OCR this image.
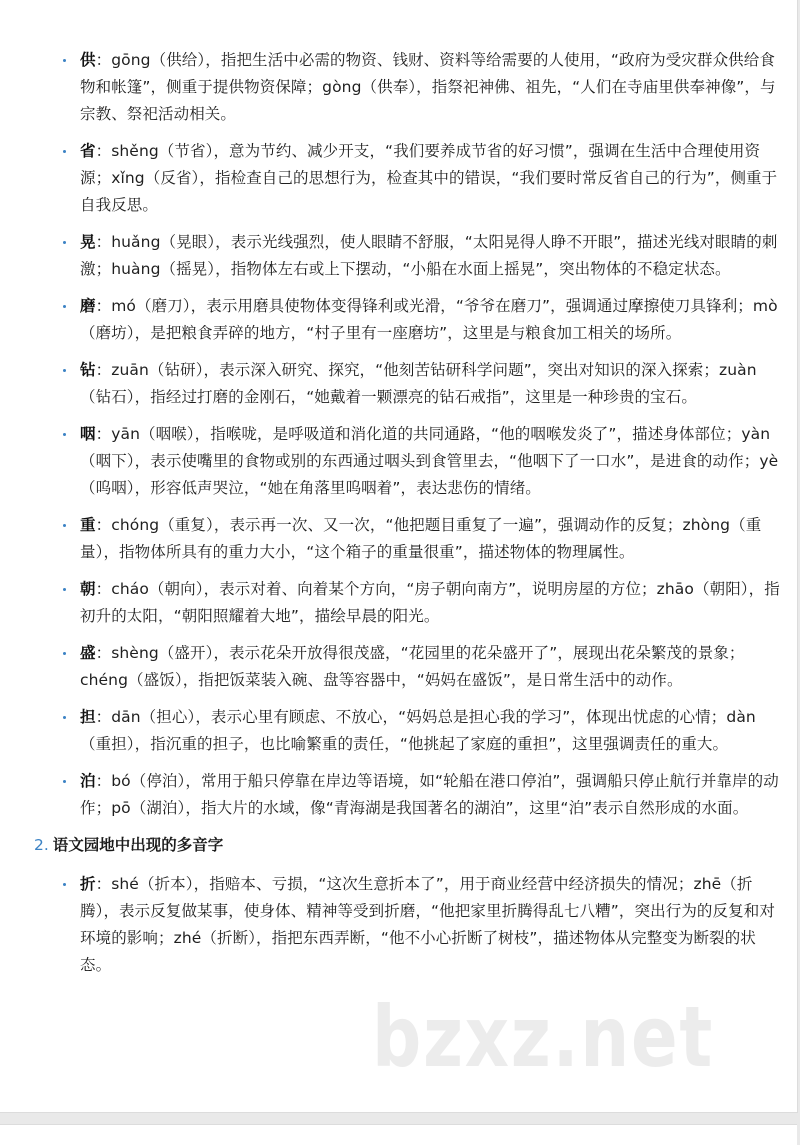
bzxz.net
供：gōng（供给），指把生活中必需的物资、钱财、资料等给需要的人使用，“政府为受灾群众供给食物和帐篷”，侧重于提供物资保障；gòng（供奉），指祭祀神佛、祖先，“人们在寺庙里供奉神像”，与宗教、祭祀活动相关。
省：shěng（节省），意为节约、减少开支，“我们要养成节省的好习惯”，强调在生活中合理使用资源；xǐng（反省），指检查自己的思想行为，检查其中的错误，“我们要时常反省自己的行为”，侧重于自我反思。
晃：huǎng（晃眼），表示光线强烈，使人眼睛不舒服，“太阳晃得人睁不开眼”，描述光线对眼睛的刺激；huàng（摇晃），指物体左右或上下摆动，“小船在水面上摇晃”，突出物体的不稳定状态。
磨：mó（磨刀），表示用磨具使物体变得锋利或光滑，“爷爷在磨刀”，强调通过摩擦使刀具锋利；mò（磨坊），是把粮食弄碎的地方，“村子里有一座磨坊”，这里是与粮食加工相关的场所。
钻：zuān（钻研），表示深入研究、探究，“他刻苦钻研科学问题”，突出对知识的深入探索；zuàn（钻石），指经过打磨的金刚石，“她戴着一颗漂亮的钻石戒指”，这里是一种珍贵的宝石。
咽：yān（咽喉），指喉咙，是呼吸道和消化道的共同通路，“他的咽喉发炎了”，描述身体部位；yàn（咽下），表示使嘴里的食物或别的东西通过咽头到食管里去，“他咽下了一口水”，是进食的动作；yè（呜咽），形容低声哭泣，“她在角落里呜咽着”，表达悲伤的情绪。
重：chóng（重复），表示再一次、又一次，“他把题目重复了一遍”，强调动作的反复；zhòng（重量），指物体所具有的重力大小，“这个箱子的重量很重”，描述物体的物理属性。
朝：cháo（朝向），表示对着、向着某个方向，“房子朝向南方”，说明房屋的方位；zhāo（朝阳），指初升的太阳，“朝阳照耀着大地”，描绘早晨的阳光。
盛：shèng（盛开），表示花朵开放得很茂盛，“花园里的花朵盛开了”，展现出花朵繁茂的景象；chéng（盛饭），指把饭菜装入碗、盘等容器中，“妈妈在盛饭”，是日常生活中的动作。
担：dān（担心），表示心里有顾虑、不放心，“妈妈总是担心我的学习”，体现出忧虑的心情；dàn（重担），指沉重的担子，也比喻繁重的责任，“他挑起了家庭的重担”，这里强调责任的重大。
泊：bó（停泊），常用于船只停靠在岸边等语境，如“轮船在港口停泊”，强调船只停止航行并靠岸的动作；pō（湖泊），指大片的水域，像“青海湖是我国著名的湖泊”，这里“泊”表示自然形成的水面。
2. 语文园地中出现的多音字
折：shé（折本），指赔本、亏损，“这次生意折本了”，用于商业经营中经济损失的情况；zhē（折腾），表示反复做某事，使身体、精神等受到折磨，“他把家里折腾得乱七八糟”，突出行为的反复和对环境的影响；zhé（折断），指把东西弄断，“他不小心折断了树枝”，描述物体从完整变为断裂的状态。
